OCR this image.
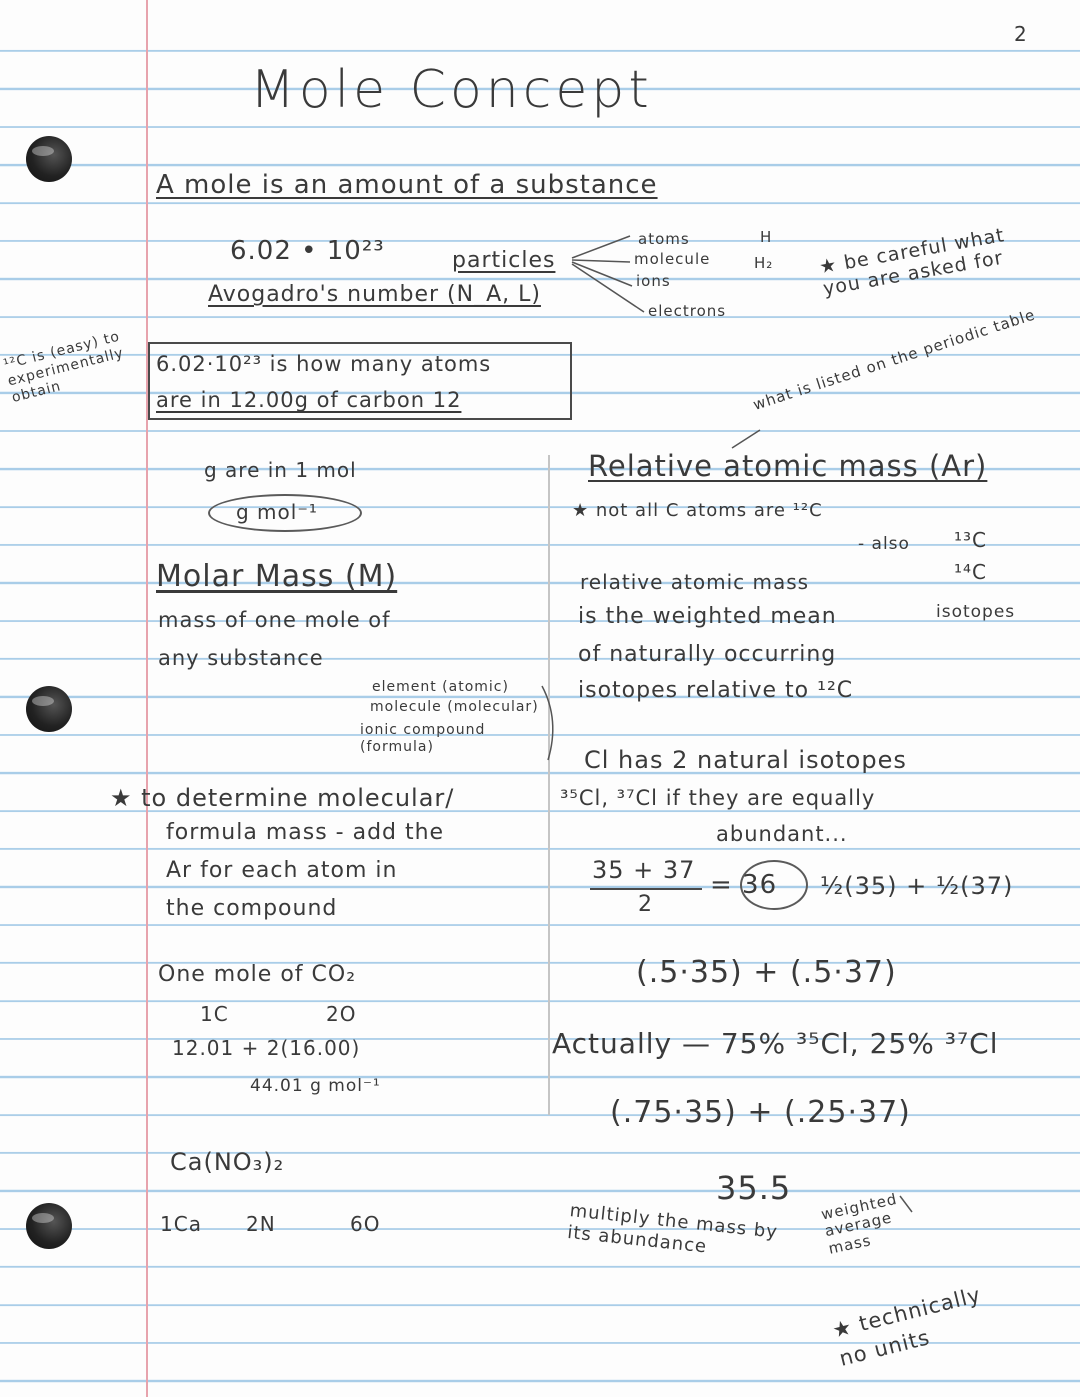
2
Mole Concept
A mole is an amount of a substance
6.02 • 10²³	particles
Avogadro's number (N_A, L)
atoms
molecule
ions
electrons
H
H₂ ★ be careful what you are asked for
6.02·10²³ is how many atoms
are in 12.00g of carbon 12
¹²C is (easy) to experimentally obtain
g are in 1 mol
g mol⁻¹
Molar Mass (M)
mass of one mole of
any substance
element (atomic)
molecule (molecular)
ionic compound (formula)
★ to determine molecular/
formula mass - add the
Ar for each atom in
the compound
One mole of CO₂
1C	2O
12.01 + 2(16.00)
44.01 g mol⁻¹
Ca(NO₃)₂
1Ca 2N	6O
what is listed on the periodic table
Relative atomic mass (Ar)
★ not all C atoms are ¹²C
- also ¹³C
¹⁴C
isotopes
relative atomic mass
is the weighted mean
of naturally occurring
isotopes relative to ¹²C
Cl has 2 natural isotopes
³⁵Cl, ³⁷Cl if they are equally
abundant...
35 + 37
2
= 36 ½(35) + ½(37)
(.5·35) + (.5·37)
Actually — 75% ³⁵Cl, 25% ³⁷Cl
(.75·35) + (.25·37)
35.5
multiply the mass by its abundance
weighted average mass
★ technically no units
